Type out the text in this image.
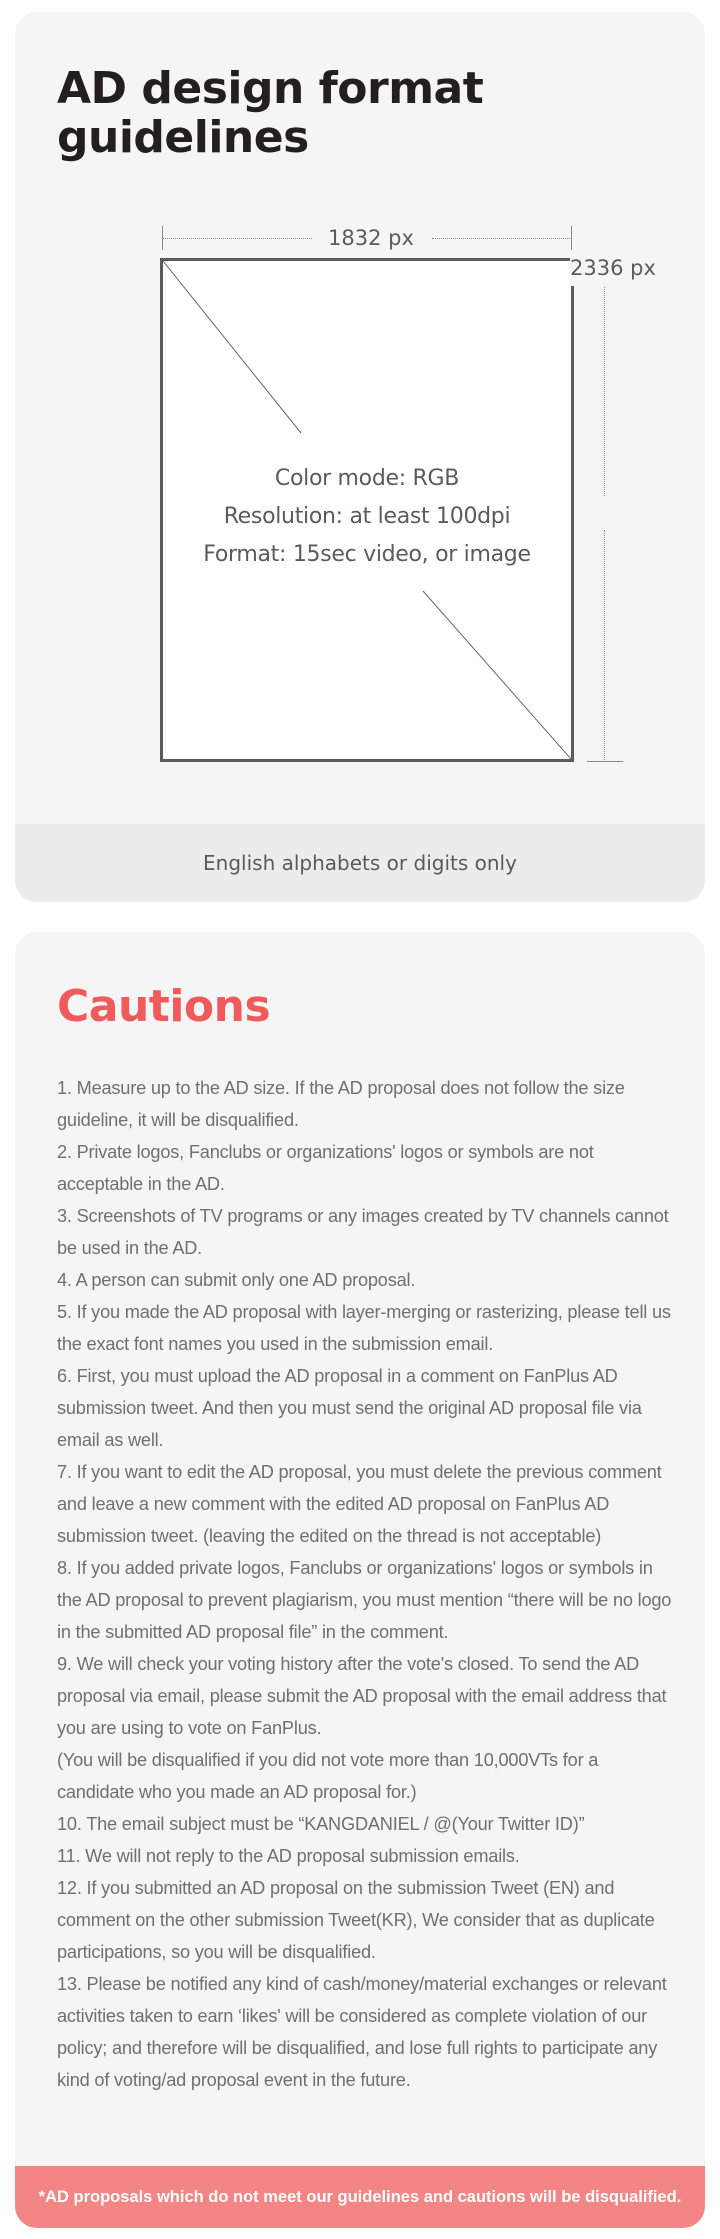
AD design format
guidelines
1832 px
Color mode: RGB
Resolution: at least 100dpi
Format: 15sec video, or image
2336 px
English alphabets or digits only
Cautions
1. Measure up to the AD size. If the AD proposal does not follow the size guideline, it will be disqualified.
2. Private logos, Fanclubs or organizations' logos or symbols are not acceptable in the AD.
3. Screenshots of TV programs or any images created by TV channels cannot be used in the AD.
4. A person can submit only one AD proposal.
5. If you made the AD proposal with layer-merging or rasterizing, please tell us the exact font names you used in the submission email.
6. First, you must upload the AD proposal in a comment on FanPlus AD submission tweet. And then you must send the original AD proposal file via email as well.
7. If you want to edit the AD proposal, you must delete the previous comment and leave a new comment with the edited AD proposal on FanPlus AD submission tweet. (leaving the edited on the thread is not acceptable)
8. If you added private logos, Fanclubs or organizations' logos or symbols in the AD proposal to prevent plagiarism, you must mention “there will be no logo in the submitted AD proposal file” in the comment.
9. We will check your voting history after the vote's closed. To send the AD proposal via email, please submit the AD proposal with the email address that you are using to vote on FanPlus.
(You will be disqualified if you did not vote more than 10,000VTs for a candidate who you made an AD proposal for.)
10. The email subject must be “KANGDANIEL / @(Your Twitter ID)”
11. We will not reply to the AD proposal submission emails.
12. If you submitted an AD proposal on the submission Tweet (EN) and comment on the other submission Tweet(KR), We consider that as duplicate participations, so you will be disqualified.
13. Please be notified any kind of cash/money/material exchanges or relevant activities taken to earn ‘likes' will be considered as complete violation of our policy; and therefore will be disqualified, and lose full rights to participate any kind of voting/ad proposal event in the future.
*AD proposals which do not meet our guidelines and cautions will be disqualified.
